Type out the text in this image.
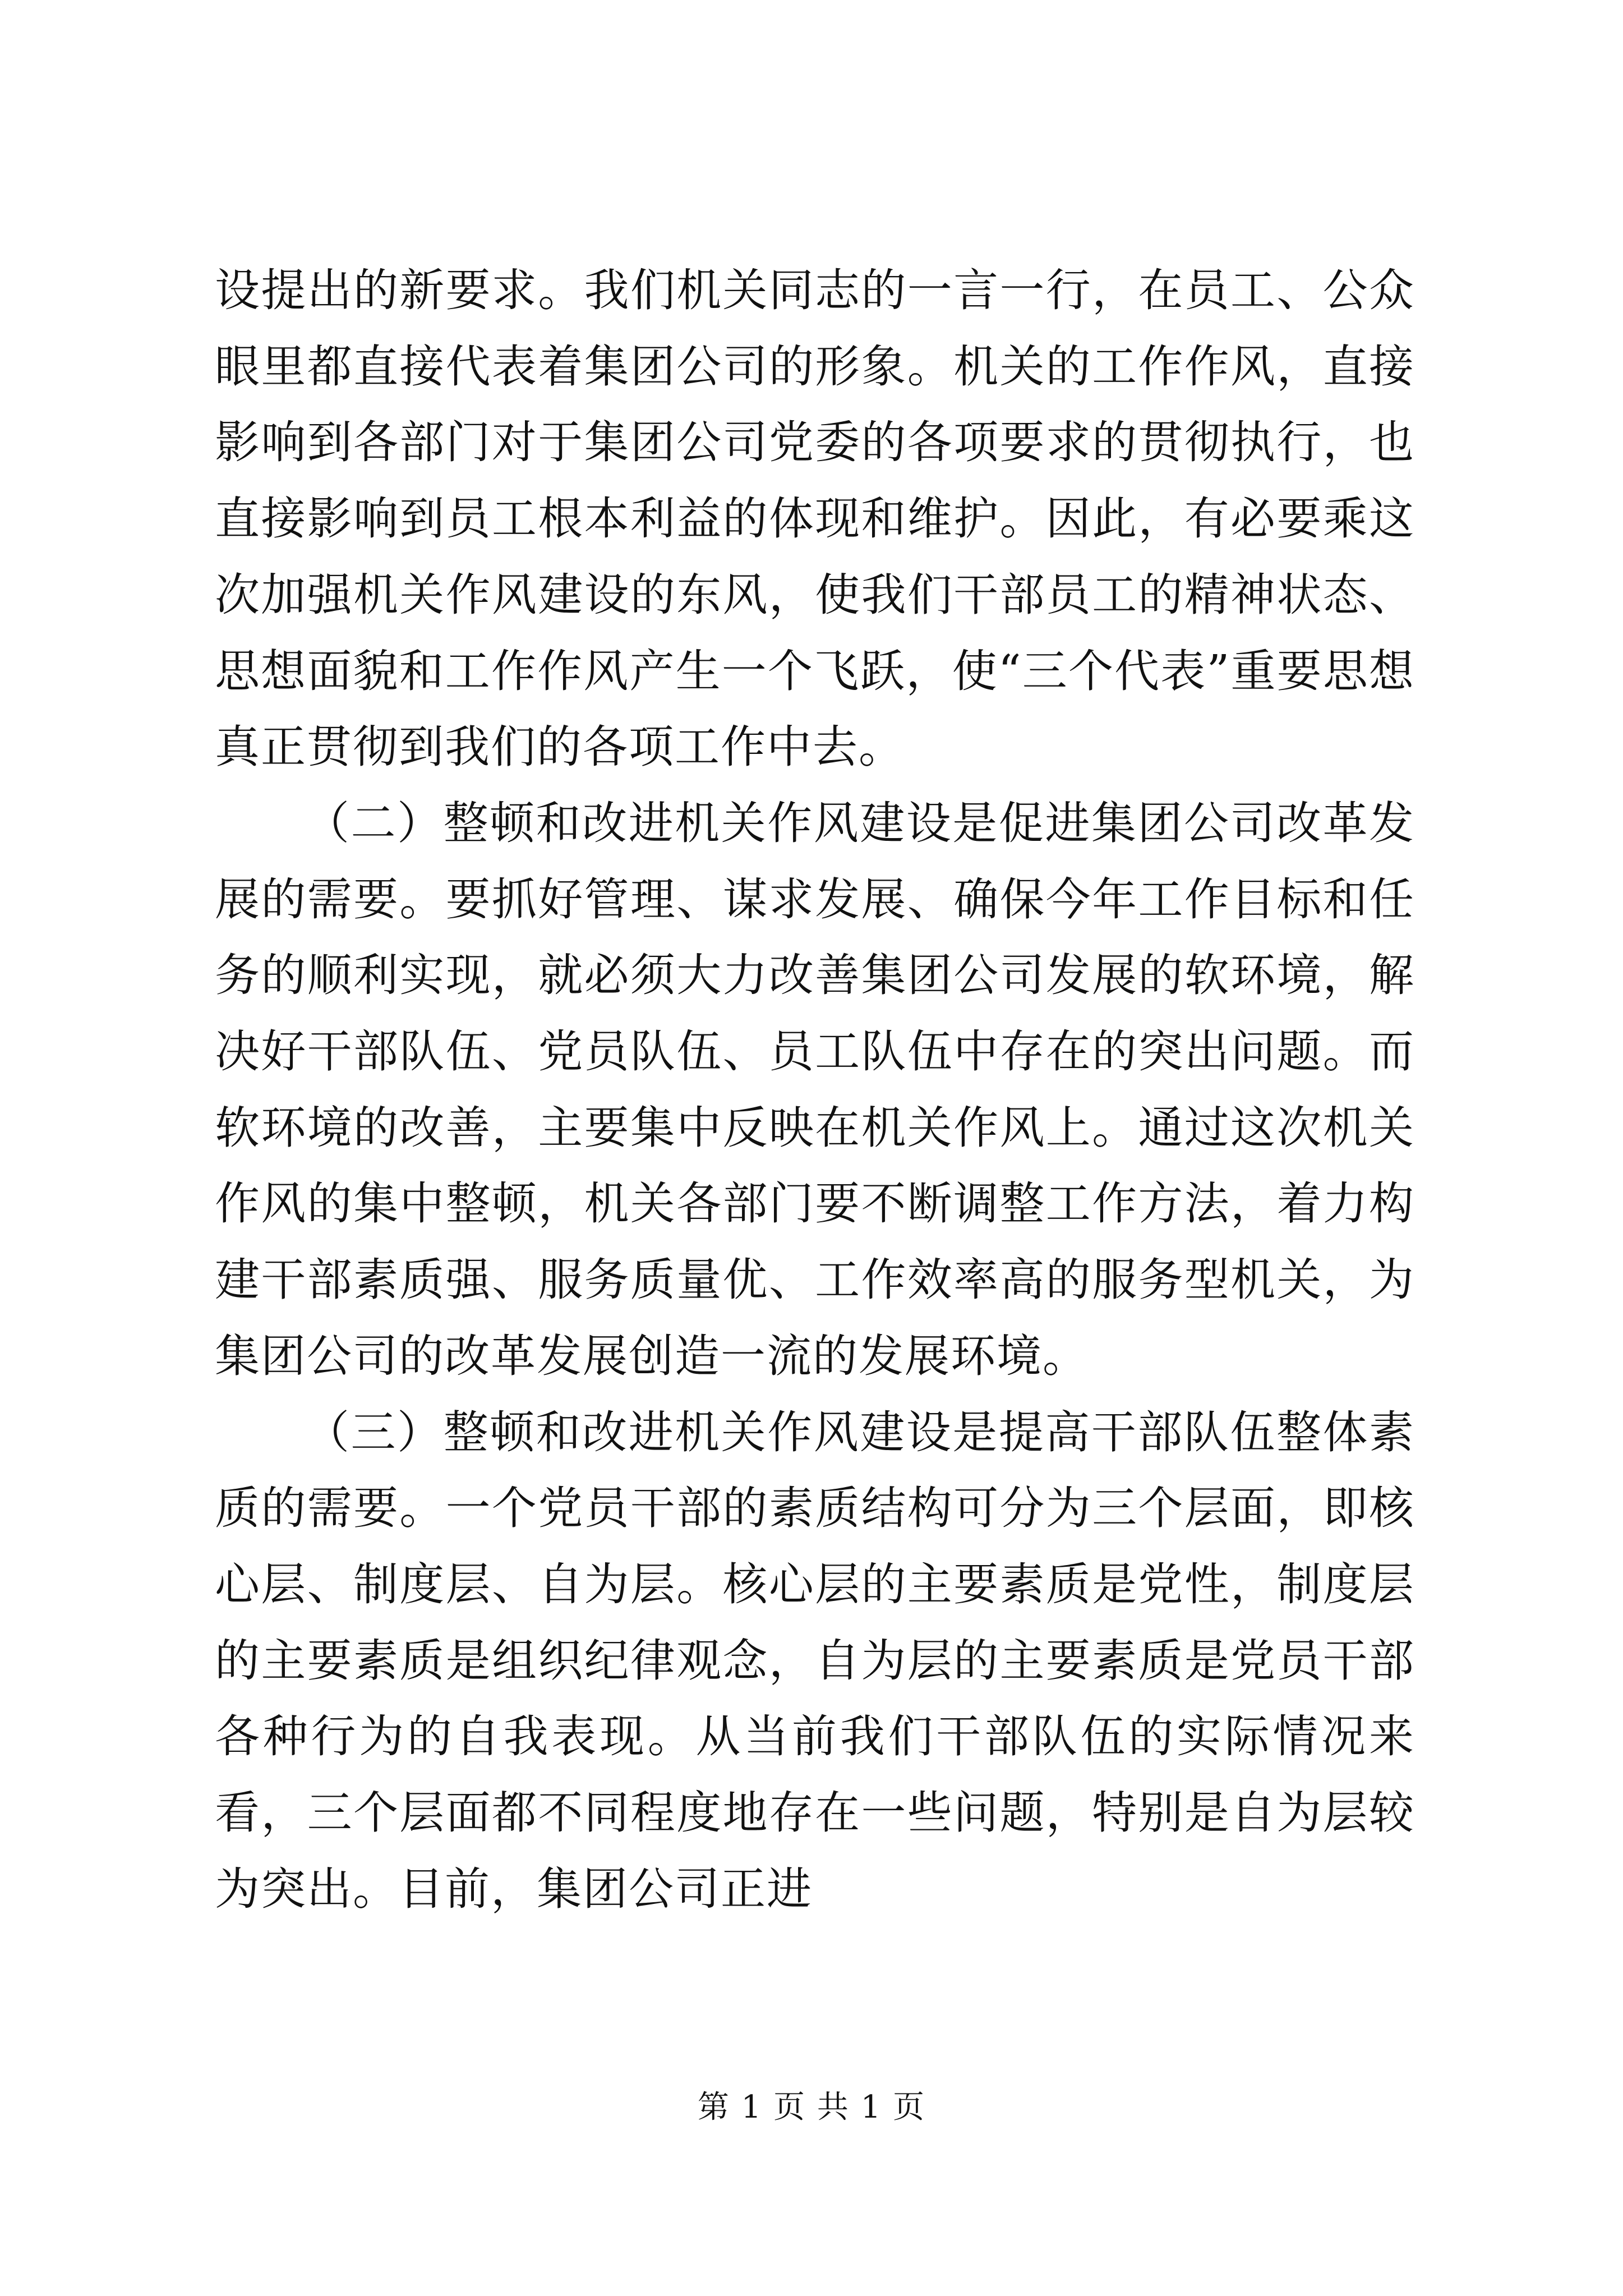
设提出的新要求。我们机关同志的一言一行，在员工、公众眼里都直接代表着集团公司的形象。机关的工作作风，直接影响到各部门对于集团公司党委的各项要求的贯彻执行，也直接影响到员工根本利益的体现和维护。因此，有必要乘这次加强机关作风建设的东风，使我们干部员工的精神状态、思想面貌和工作作风产生一个飞跃，使“三个代表”重要思想真正贯彻到我们的各项工作中去。

（二）整顿和改进机关作风建设是促进集团公司改革发展的需要。要抓好管理、谋求发展、确保今年工作目标和任务的顺利实现，就必须大力改善集团公司发展的软环境，解决好干部队伍、党员队伍、员工队伍中存在的突出问题。而软环境的改善，主要集中反映在机关作风上。通过这次机关作风的集中整顿，机关各部门要不断调整工作方法，着力构建干部素质强、服务质量优、工作效率高的服务型机关，为集团公司的改革发展创造一流的发展环境。

（三）整顿和改进机关作风建设是提高干部队伍整体素质的需要。一个党员干部的素质结构可分为三个层面，即核心层、制度层、自为层。核心层的主要素质是党性，制度层的主要素质是组织纪律观念，自为层的主要素质是党员干部各种行为的自我表现。从当前我们干部队伍的实际情况来看，三个层面都不同程度地存在一些问题，特别是自为层较为突出。目前，集团公司正进

第 1 页 共 1 页
